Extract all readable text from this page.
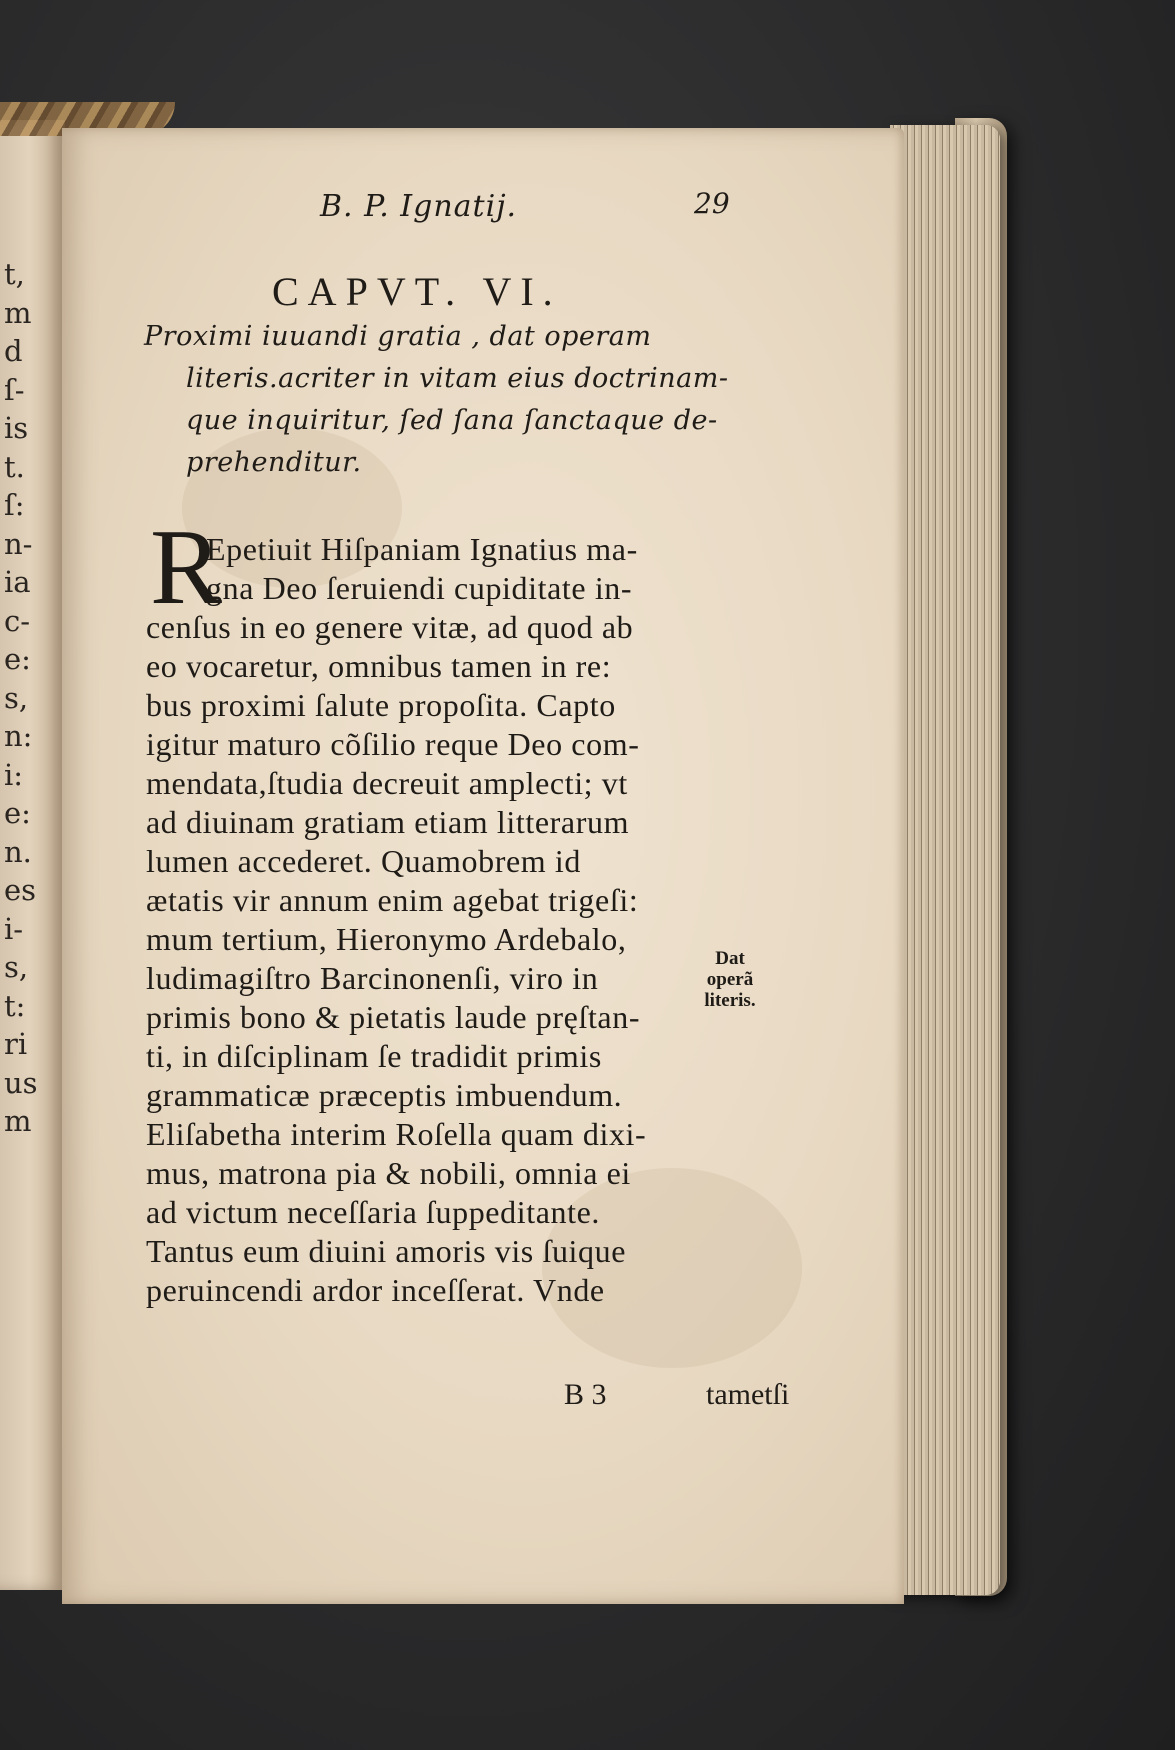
t,
m
d
ſ-
is
t.
ſ:
n-
ia
c-
e:
s,
n:
i:
e:
n.
es
i-
s,
t:
ri
us
m
B. P. Ignatij.	29
CAPVT. VI.
Proximi iuuandi gratia , dat operam
literis.acriter in vitam eius doctrinam-
que inquiritur, ſed ſana ſanctaque de-
prehenditur.
R
Epetiuit Hiſpaniam Ignatius ma-
gna Deo ſeruiendi cupiditate in-
cenſus in eo genere vitæ, ad quod ab
eo vocaretur, omnibus tamen in re:
bus proximi ſalute propoſita. Capto
igitur maturo cõſilio reque Deo com-
mendata,ſtudia decreuit amplecti; vt
ad diuinam gratiam etiam litterarum
lumen accederet. Quamobrem id
ætatis vir annum enim agebat trigeſi:
mum tertium, Hieronymo Ardebalo,
ludimagiſtro Barcinonenſi, viro in
primis bono & pietatis laude pręſtan-
ti, in diſciplinam ſe tradidit primis
grammaticæ præceptis imbuendum.
Eliſabetha interim Roſella quam dixi-
mus, matrona pia & nobili, omnia ei
ad victum neceſſaria ſuppeditante.
Tantus eum diuini amoris vis ſuique
peruincendi ardor inceſſerat. Vnde
Dat
operã
literis.
B 3	tametſi
